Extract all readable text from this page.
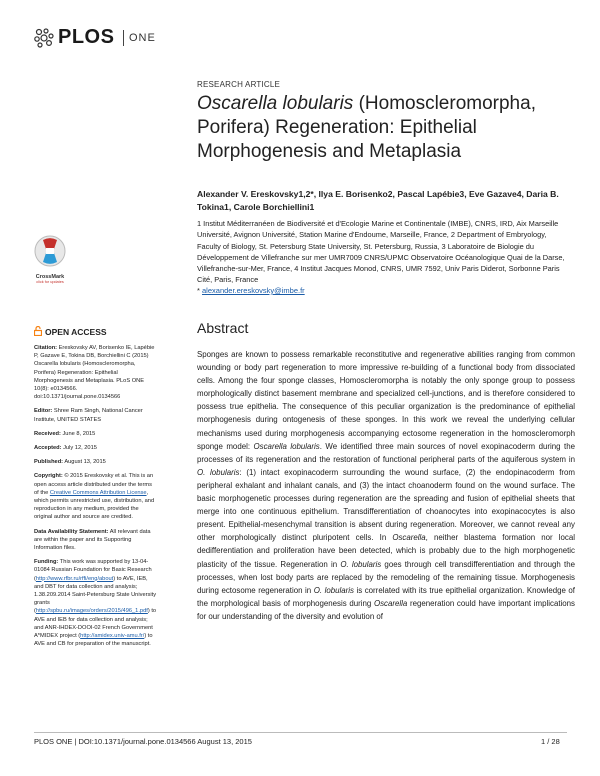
PLOS ONE
CrossMark
click for updates
RESEARCH ARTICLE
Oscarella lobularis (Homoscleromorpha, Porifera) Regeneration: Epithelial Morphogenesis and Metaplasia
Alexander V. Ereskovsky1,2*, Ilya E. Borisenko2, Pascal Lapébie3, Eve Gazave4, Daria B. Tokina1, Carole Borchiellini1
1 Institut Méditerranéen de Biodiversité et d'Ecologie Marine et Continentale (IMBE), CNRS, IRD, Aix Marseille Université, Avignon Université, Station Marine d'Endoume, Marseille, France, 2 Department of Embryology, Faculty of Biology, St. Petersburg State University, St. Petersburg, Russia, 3 Laboratoire de Biologie du Développement de Villefranche sur mer UMR7009 CNRS/UPMC Observatoire Océanologique Quai de la Darse, Villefranche-sur-Mer, France, 4 Institut Jacques Monod, CNRS, UMR 7592, Univ Paris Diderot, Sorbonne Paris Cité, Paris, France
* alexander.ereskovsky@imbe.fr
OPEN ACCESS

Citation: Ereskovsky AV, Borisenko IE, Lapébie P, Gazave E, Tokina DB, Borchiellini C (2015) Oscarella lobularis (Homoscleromorpha, Porifera) Regeneration: Epithelial Morphogenesis and Metaplasia. PLoS ONE 10(8): e0134566. doi:10.1371/journal.pone.0134566

Editor: Shree Ram Singh, National Cancer Institute, UNITED STATES

Received: June 8, 2015

Accepted: July 12, 2015

Published: August 13, 2015

Copyright: © 2015 Ereskovsky et al. This is an open access article distributed under the terms of the Creative Commons Attribution License, which permits unrestricted use, distribution, and reproduction in any medium, provided the original author and source are credited.

Data Availability Statement: All relevant data are within the paper and its Supporting Information files.

Funding: This work was supported by 13-04-01084 Russian Foundation for Basic Research (http://www.rfbr.ru/rffi/eng/about) to AVE, IEB, and DBT for data collection and analysis; 1.38.209.2014 Saint-Petersburg State University grants (http://spbu.ru/images/orders/2015/496_1.pdf) to AVE and IEB for data collection and analysis; and ANR-IHDEX-DOOI-02 French Government A*MIDEX project (http://amidex.univ-amu.fr/) to AVE and CB for preparation of the manuscript.

Abstract

Sponges are known to possess remarkable reconstitutive and regenerative abilities ranging from common wounding or body part regeneration to more impressive re-building of a functional body from dissociated cells. Among the four sponge classes, Homoscleromorpha is notably the only sponge group to possess morphologically distinct basement membrane and specialized cell-junctions, and is therefore considered to possess true epithelia. The consequence of this peculiar organization is the predominance of epithelial morphogenesis during ontogenesis of these sponges. In this work we reveal the underlying cellular mechanisms used during morphogenesis accompanying ectosome regeneration in the homoscleromorph sponge model: Oscarella lobularis. We identified three main sources of novel exopinacoderm during the processes of its regeneration and the restoration of functional peripheral parts of the aquiferous system in O. lobularis: (1) intact exopinacoderm surrounding the wound surface, (2) the endopinacoderm from peripheral exhalant and inhalant canals, and (3) the intact choanoderm found on the wound surface. The basic morphogenetic processes during regeneration are the spreading and fusion of epithelial sheets that merge into one continuous epithelium. Transdifferentiation of choanocytes into exopinacocytes is also present. Epithelial-mesenchymal transition is absent during regeneration. Moreover, we cannot reveal any other morphologically distinct pluripotent cells. In Oscarella, neither blastema formation nor local dedifferentiation and proliferation have been detected, which is probably due to the high morphogenetic plasticity of the tissue. Regeneration in O. lobularis goes through cell transdifferentiation and through the processes, when lost body parts are replaced by the remodeling of the remaining tissue. Morphogenesis during ectosome regeneration in O. lobularis is correlated with its true epithelial organization. Knowledge of the morphological basis of morphogenesis during Oscarella regeneration could have important implications for our understanding of the diversity and evolution of

PLOS ONE | DOI:10.1371/journal.pone.0134566 August 13, 2015	1 / 28
